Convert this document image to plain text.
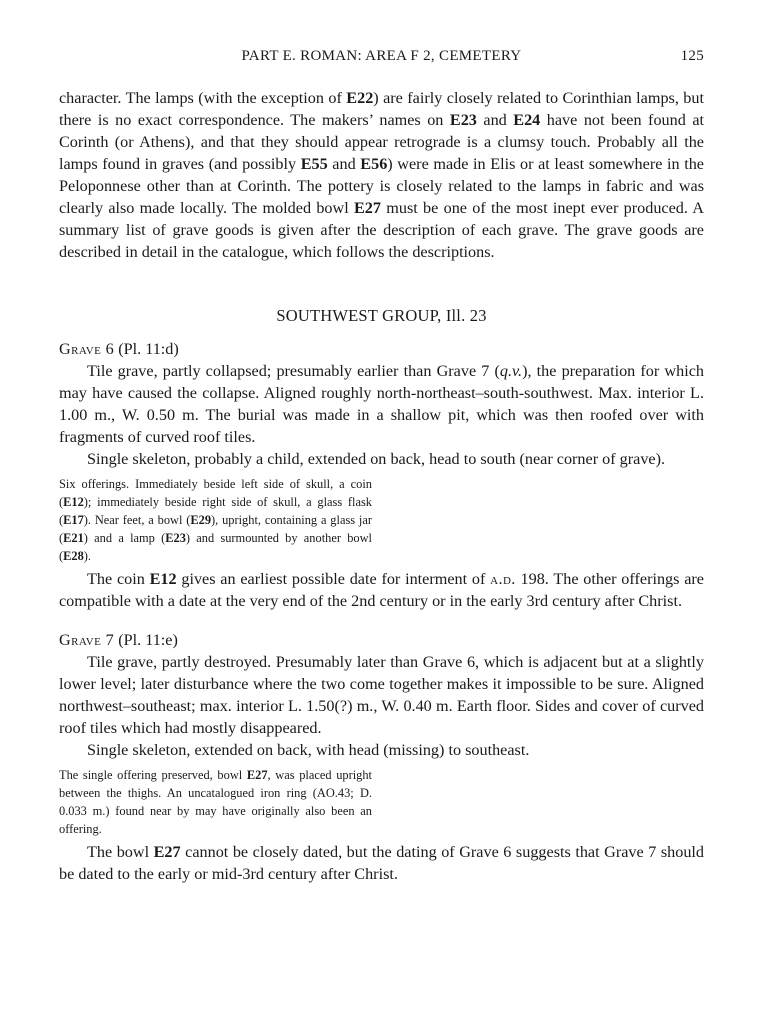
PART E. ROMAN: AREA F 2, CEMETERY	125

character. The lamps (with the exception of E22) are fairly closely related to Corinthian lamps, but there is no exact correspondence. The makers’ names on E23 and E24 have not been found at Corinth (or Athens), and that they should appear retrograde is a clumsy touch. Probably all the lamps found in graves (and possibly E55 and E56) were made in Elis or at least somewhere in the Peloponnese other than at Corinth. The pottery is closely related to the lamps in fabric and was clearly also made locally. The molded bowl E27 must be one of the most inept ever produced. A summary list of grave goods is given after the description of each grave. The grave goods are described in detail in the catalogue, which follows the descriptions.

SOUTHWEST GROUP, Ill. 23
Grave 6 (Pl. 11:d)

Tile grave, partly collapsed; presumably earlier than Grave 7 (q.v.), the preparation for which may have caused the collapse. Aligned roughly north-northeast–south-southwest. Max. interior L. 1.00 m., W. 0.50 m. The burial was made in a shallow pit, which was then roofed over with fragments of curved roof tiles.

Single skeleton, probably a child, extended on back, head to south (near corner of grave).

Six offerings. Immediately beside left side of skull, a coin (E12); immediately beside right side of skull, a glass flask (E17). Near feet, a bowl (E29), upright, containing a glass jar (E21) and a lamp (E23) and surmounted by another bowl (E28).

The coin E12 gives an earliest possible date for interment of a.d. 198. The other offerings are compatible with a date at the very end of the 2nd century or in the early 3rd century after Christ.

Grave 7 (Pl. 11:e)

Tile grave, partly destroyed. Presumably later than Grave 6, which is adjacent but at a slightly lower level; later disturbance where the two come together makes it impossible to be sure. Aligned northwest–southeast; max. interior L. 1.50(?) m., W. 0.40 m. Earth floor. Sides and cover of curved roof tiles which had mostly disappeared.

Single skeleton, extended on back, with head (missing) to southeast.

The single offering preserved, bowl E27, was placed upright between the thighs. An uncatalogued iron ring (AO.43; D. 0.033 m.) found near by may have originally also been an offering.

The bowl E27 cannot be closely dated, but the dating of Grave 6 suggests that Grave 7 should be dated to the early or mid-3rd century after Christ.
